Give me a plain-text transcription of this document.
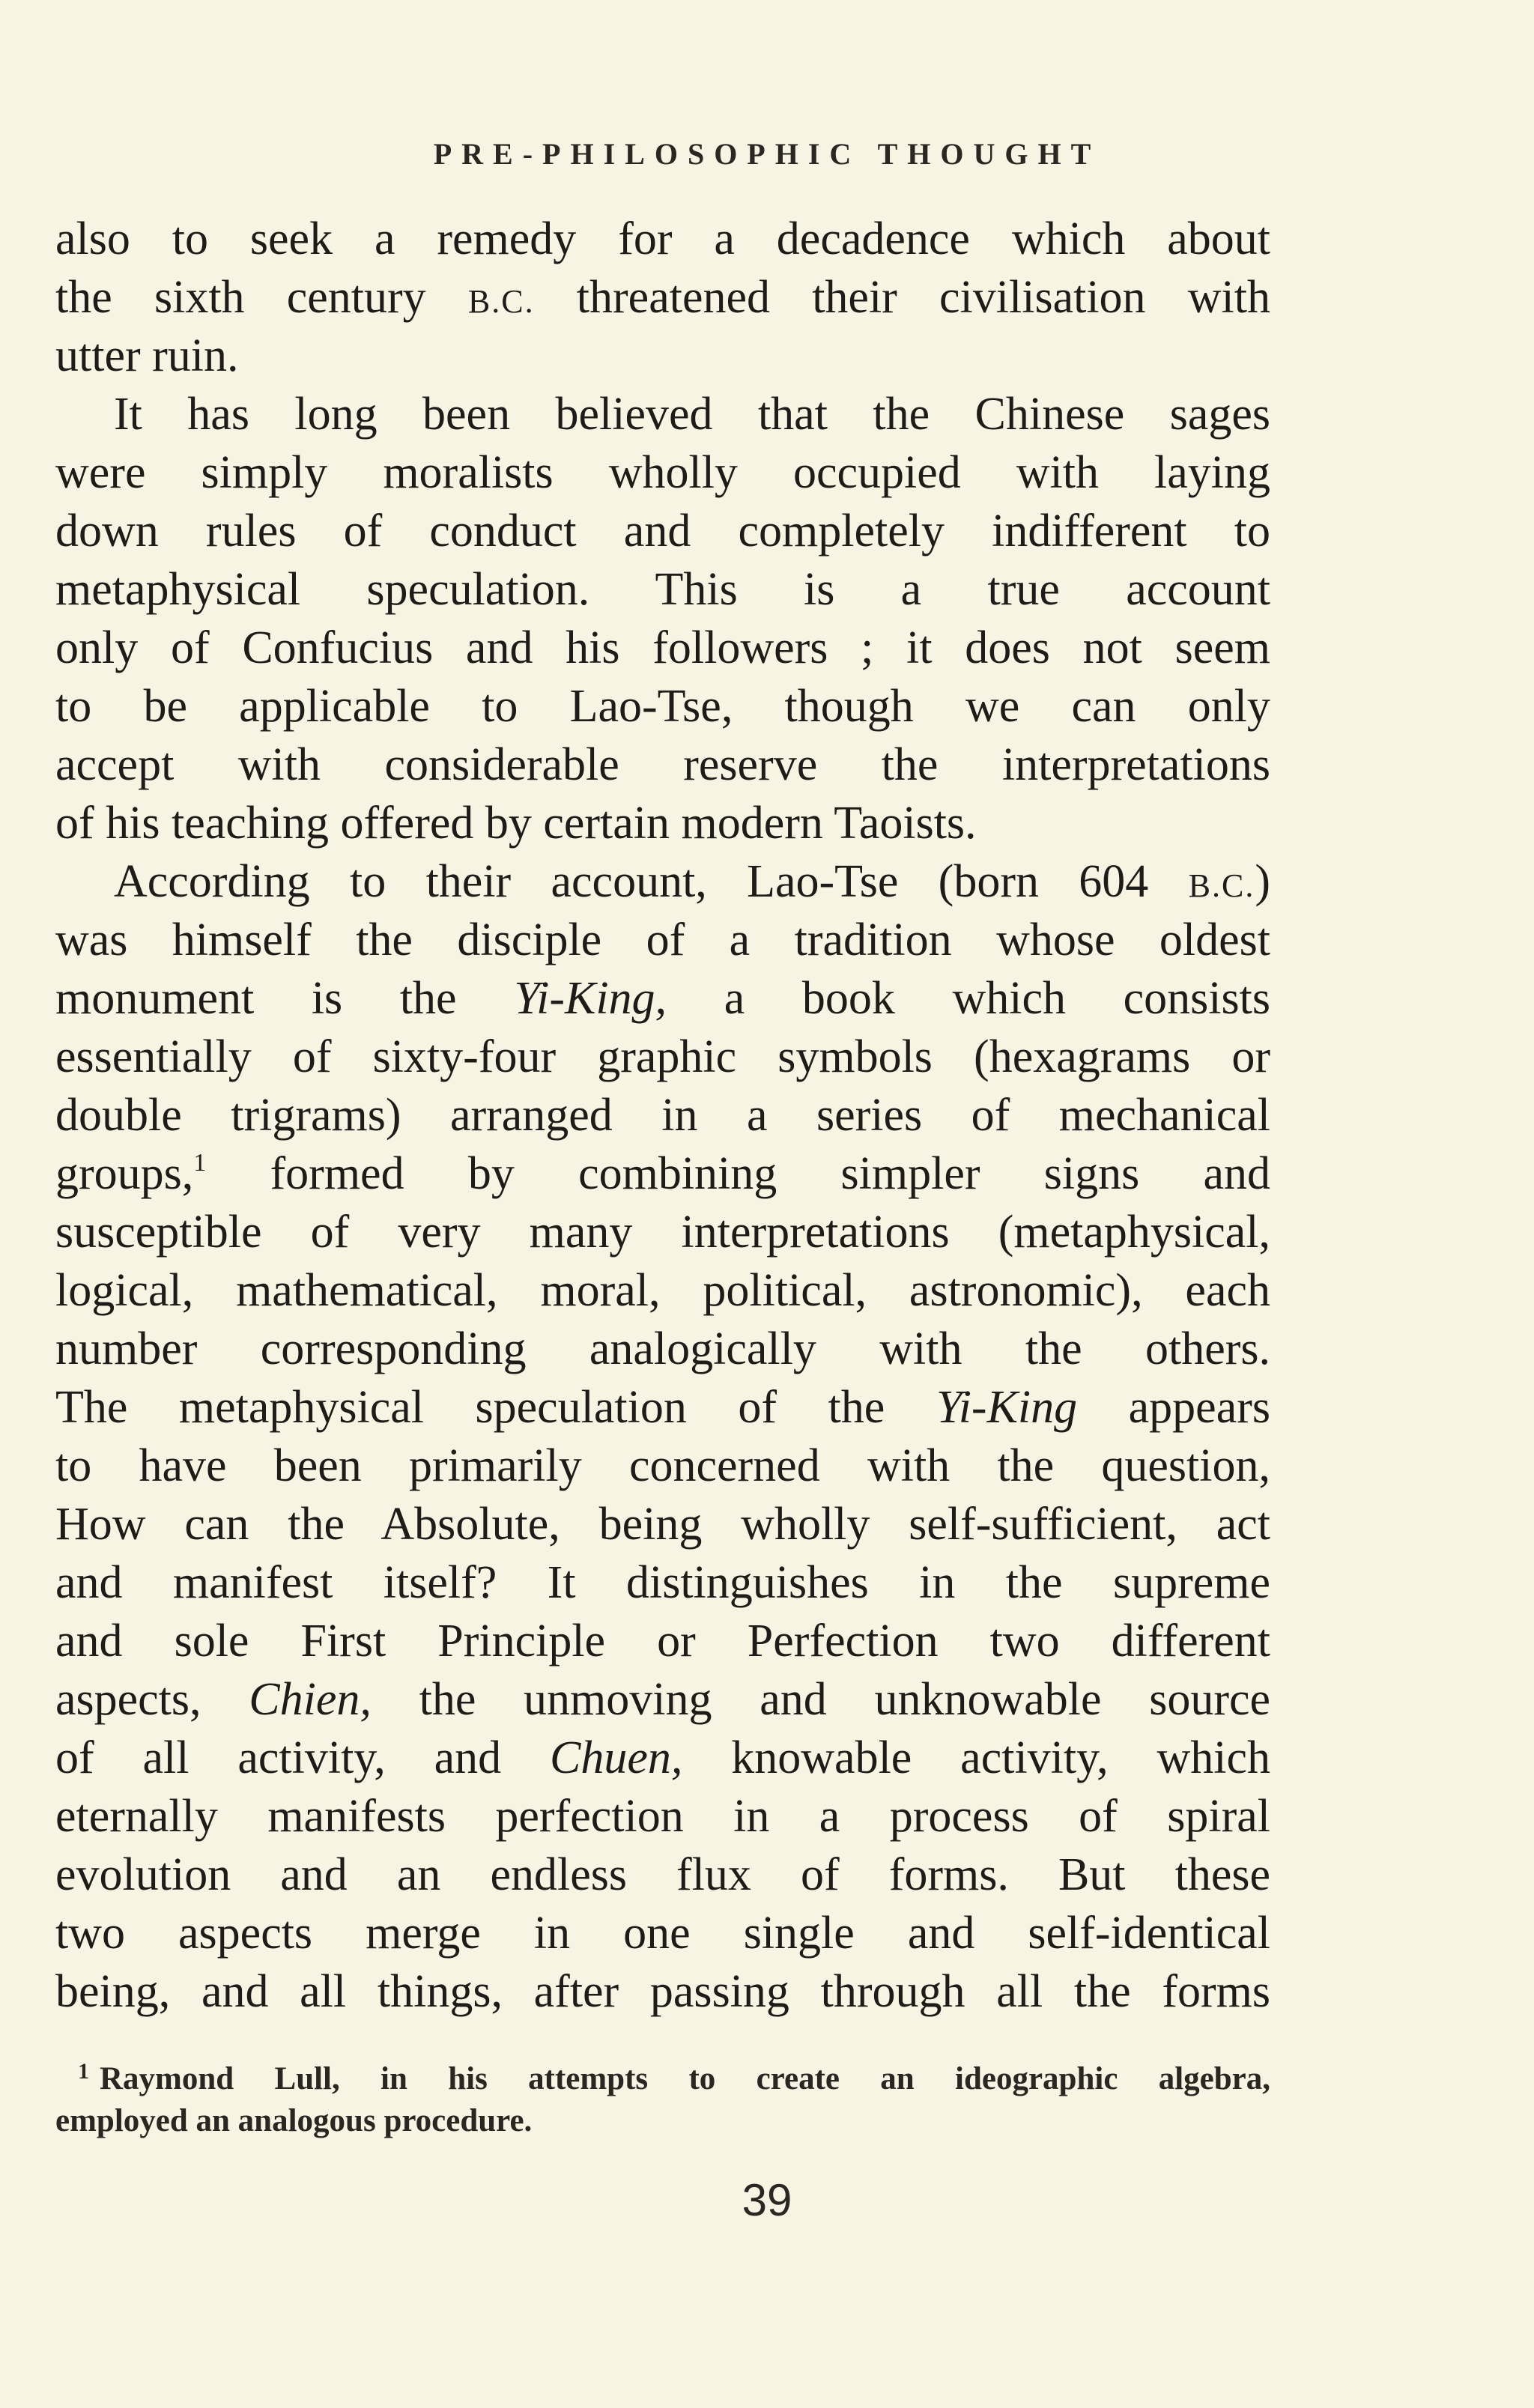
PRE-PHILOSOPHIC THOUGHT
also to seek a remedy for a decadence which about
the sixth century B.C. threatened their civilisation with
utter ruin.
It has long been believed that the Chinese sages
were simply moralists wholly occupied with laying
down rules of conduct and completely indifferent to
metaphysical speculation. This is a true account
only of Confucius and his followers ; it does not seem
to be applicable to Lao-Tse, though we can only
accept with considerable reserve the interpretations
of his teaching offered by certain modern Taoists.
According to their account, Lao-Tse (born 604 B.C.)
was himself the disciple of a tradition whose oldest
monument is the Yi-King, a book which consists
essentially of sixty-four graphic symbols (hexagrams or
double trigrams) arranged in a series of mechanical
groups,$^1$ formed by combining simpler signs and
susceptible of very many interpretations (metaphysical,
logical, mathematical, moral, political, astronomic), each
number corresponding analogically with the others.
The metaphysical speculation of the Yi-King appears
to have been primarily concerned with the question,
How can the Absolute, being wholly self-sufficient, act
and manifest itself? It distinguishes in the supreme
and sole First Principle or Perfection two different
aspects, Chien, the unmoving and unknowable source
of all activity, and Chuen, knowable activity, which
eternally manifests perfection in a process of spiral
evolution and an endless flux of forms. But these
two aspects merge in one single and self-identical
being, and all things, after passing through all the forms
$^1$ Raymond Lull, in his attempts to create an ideographic algebra,
employed an analogous procedure.
39
